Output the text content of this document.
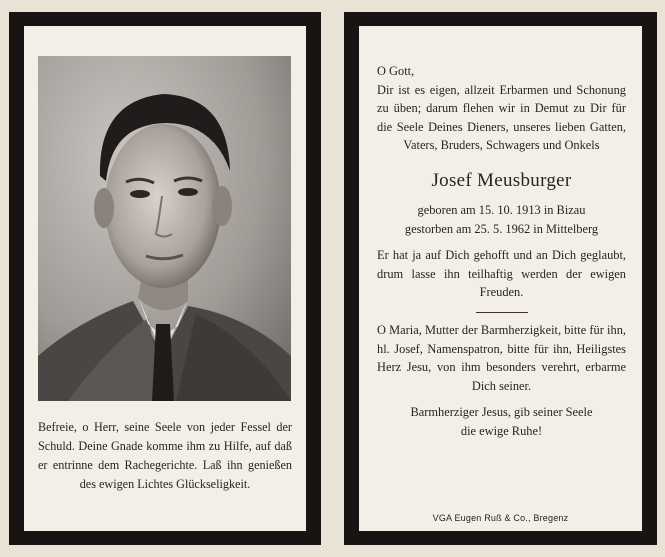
Befreie, o Herr, seine Seele von jeder Fessel der Schuld. Deine Gnade komme ihm zu Hilfe, auf daß er entrinne dem Rachegerichte. Laß ihn genießen des ewigen Lichtes Glückseligkeit.

O Gott,

Dir ist es eigen, allzeit Erbarmen und Schonung zu üben; darum flehen wir in Demut zu Dir für die Seele Deines Dieners, unseres lieben Gatten, Vaters, Bruders, Schwagers und Onkels

Josef Meusburger

geboren am 15. 10. 1913 in Bizau

gestorben am 25. 5. 1962 in Mittelberg

Er hat ja auf Dich gehofft und an Dich geglaubt, drum lasse ihn teilhaftig werden der ewigen Freuden.

O Maria, Mutter der Barmherzigkeit, bitte für ihn, hl. Josef, Namenspatron, bitte für ihn, Heiligstes Herz Jesu, von ihm besonders verehrt, erbarme Dich seiner.

Barmherziger Jesus, gib seiner Seele

die ewige Ruhe!

VGA Eugen Ruß & Co., Bregenz
